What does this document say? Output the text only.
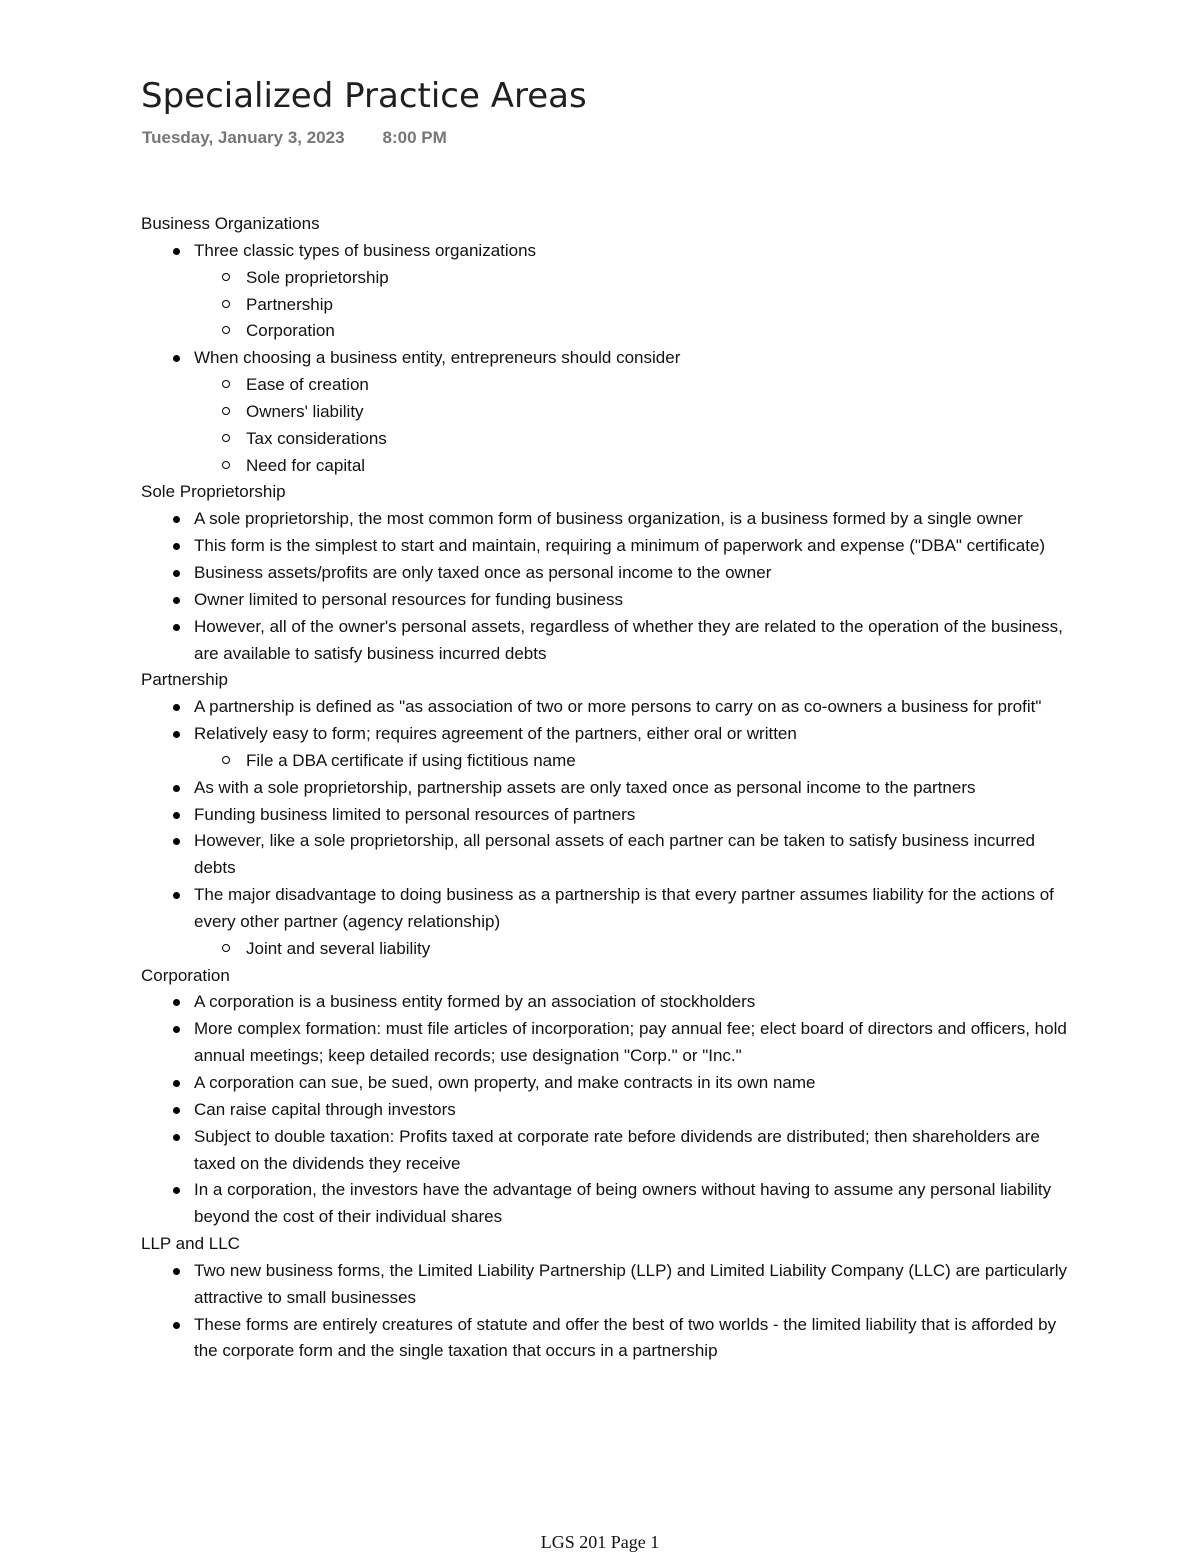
Specialized Practice Areas
Tuesday, January 3, 2023 8:00 PM
Business Organizations
Three classic types of business organizations
Sole proprietorship
Partnership
Corporation
When choosing a business entity, entrepreneurs should consider
Ease of creation
Owners' liability
Tax considerations
Need for capital
Sole Proprietorship
A sole proprietorship, the most common form of business organization, is a business formed by a single owner
This form is the simplest to start and maintain, requiring a minimum of paperwork and expense ("DBA" certificate)
Business assets/profits are only taxed once as personal income to the owner
Owner limited to personal resources for funding business
However, all of the owner's personal assets, regardless of whether they are related to the operation of the business, are available to satisfy business incurred debts
Partnership
A partnership is defined as "as association of two or more persons to carry on as co-owners a business for profit"
Relatively easy to form; requires agreement of the partners, either oral or written
File a DBA certificate if using fictitious name
As with a sole proprietorship, partnership assets are only taxed once as personal income to the partners
Funding business limited to personal resources of partners
However, like a sole proprietorship, all personal assets of each partner can be taken to satisfy business incurred debts
The major disadvantage to doing business as a partnership is that every partner assumes liability for the actions of every other partner (agency relationship)
Joint and several liability
Corporation
A corporation is a business entity formed by an association of stockholders
More complex formation: must file articles of incorporation; pay annual fee; elect board of directors and officers, hold annual meetings; keep detailed records; use designation "Corp." or "Inc."
A corporation can sue, be sued, own property, and make contracts in its own name
Can raise capital through investors
Subject to double taxation: Profits taxed at corporate rate before dividends are distributed; then shareholders are taxed on the dividends they receive
In a corporation, the investors have the advantage of being owners without having to assume any personal liability beyond the cost of their individual shares
LLP and LLC
Two new business forms, the Limited Liability Partnership (LLP) and Limited Liability Company (LLC) are particularly attractive to small businesses
These forms are entirely creatures of statute and offer the best of two worlds - the limited liability that is afforded by the corporate form and the single taxation that occurs in a partnership
LGS 201 Page 1
